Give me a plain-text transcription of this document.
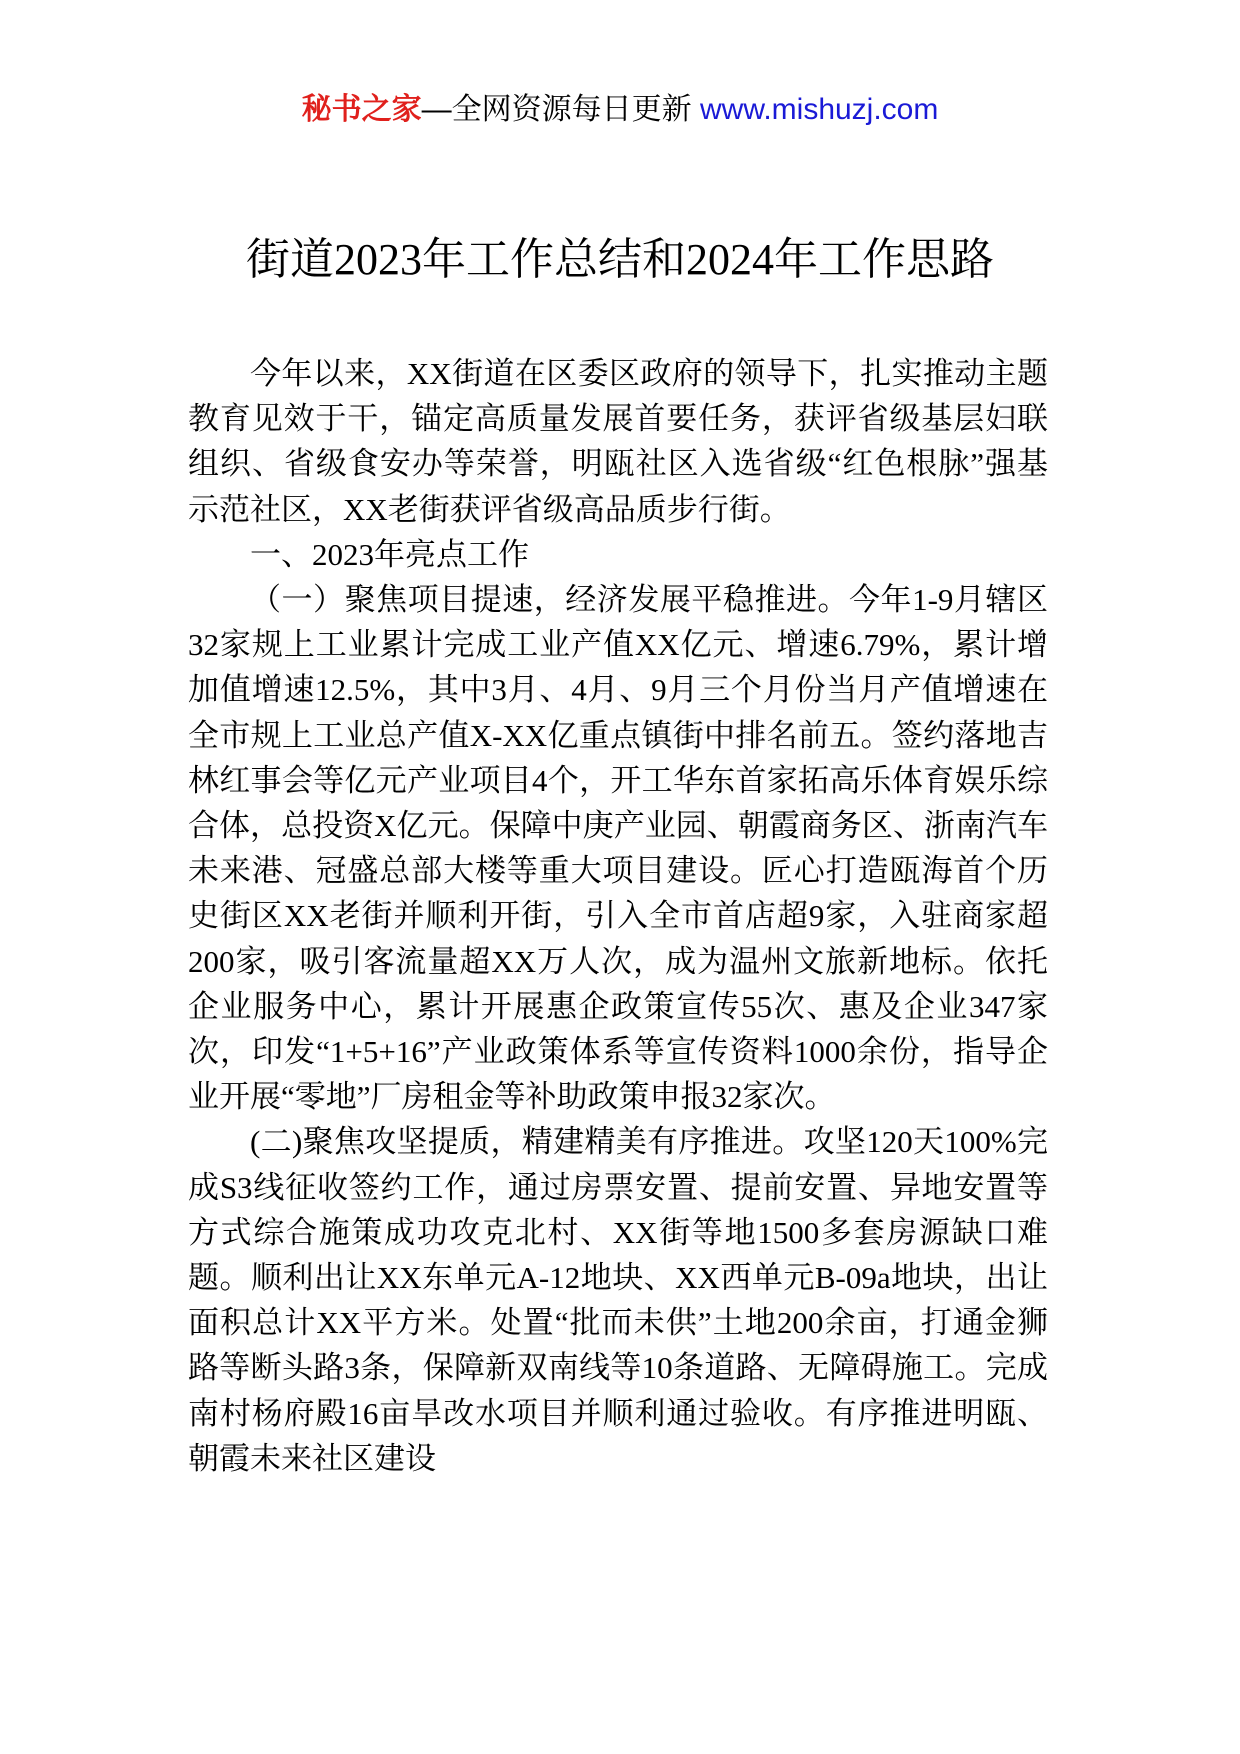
秘书之家—全网资源每日更新 www.mishuzj.com
街道2023年工作总结和2024年工作思路

今年以来，XX街道在区委区政府的领导下，扎实推动主题教育见效于干，锚定高质量发展首要任务，获评省级基层妇联组织、省级食安办等荣誉，明瓯社区入选省级“红色根脉”强基示范社区，XX老街获评省级高品质步行街。

一、2023年亮点工作

（一）聚焦项目提速，经济发展平稳推进。今年1-9月辖区32家规上工业累计完成工业产值XX亿元、增速6.79%，累计增加值增速12.5%，其中3月、4月、9月三个月份当月产值增速在全市规上工业总产值X-XX亿重点镇街中排名前五。签约落地吉林红事会等亿元产业项目4个，开工华东首家拓高乐体育娱乐综合体，总投资X亿元。保障中庚产业园、朝霞商务区、浙南汽车未来港、冠盛总部大楼等重大项目建设。匠心打造瓯海首个历史街区XX老街并顺利开街，引入全市首店超9家，入驻商家超200家，吸引客流量超XX万人次，成为温州文旅新地标。依托企业服务中心，累计开展惠企政策宣传55次、惠及企业347家次，印发“1+5+16”产业政策体系等宣传资料1000余份，指导企业开展“零地”厂房租金等补助政策申报32家次。

(二)聚焦攻坚提质，精建精美有序推进。攻坚120天100%完成S3线征收签约工作，通过房票安置、提前安置、异地安置等方式综合施策成功攻克北村、XX街等地1500多套房源缺口难题。顺利出让XX东单元A-12地块、XX西单元B-09a地块，出让面积总计XX平方米。处置“批而未供”土地200余亩，打通金狮路等断头路3条，保障新双南线等10条道路、无障碍施工。完成南村杨府殿16亩旱改水项目并顺利通过验收。有序推进明瓯、朝霞未来社区建设
